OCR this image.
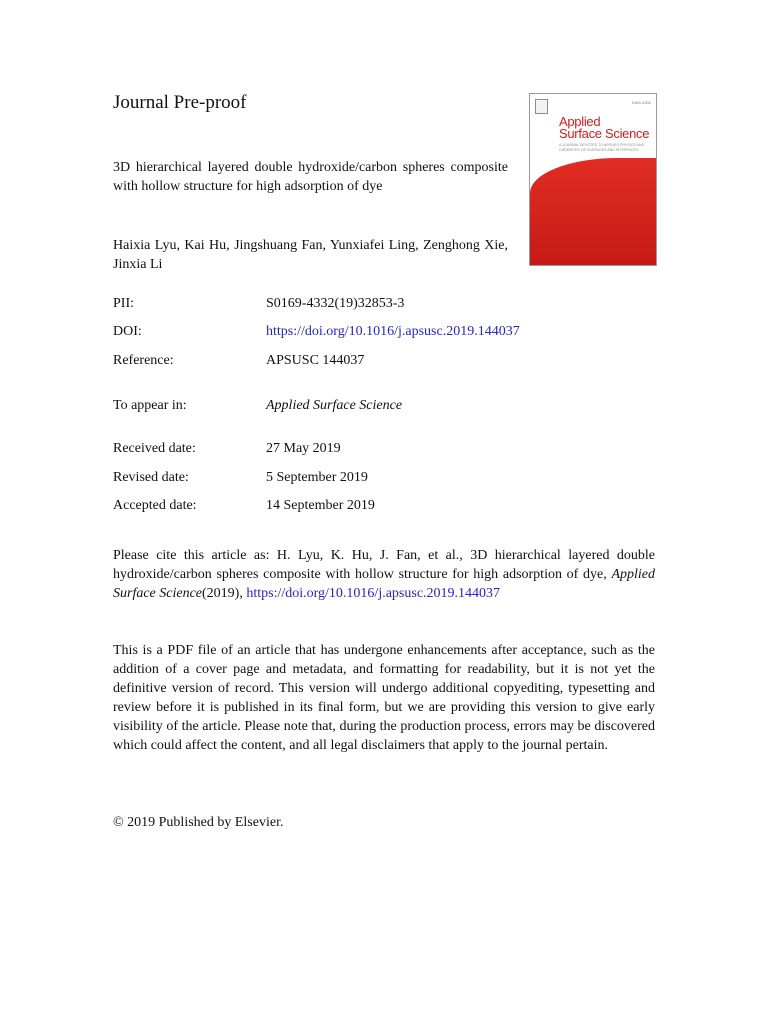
Journal Pre-proof
3D hierarchical layered double hydroxide/carbon spheres composite with hollow structure for high adsorption of dye
Haixia Lyu, Kai Hu, Jingshuang Fan, Yunxiafei Ling, Zenghong Xie, Jinxia Li
0169-4332
Applied
Surface Science
A JOURNAL DEVOTED TO APPLIED PHYSICS AND CHEMISTRY OF SURFACES AND INTERFACES
PII:	S0169-4332(19)32853-3
DOI:	https://doi.org/10.1016/j.apsusc.2019.144037
Reference:	APSUSC 144037
To appear in:	Applied Surface Science
Received date:	27 May 2019
Revised date:	5 September 2019
Accepted date:	14 September 2019
Please cite this article as: H. Lyu, K. Hu, J. Fan, et al., 3D hierarchical layered double hydroxide/carbon spheres composite with hollow structure for high adsorption of dye, Applied Surface Science(2019), https://doi.org/10.1016/j.apsusc.2019.144037
This is a PDF file of an article that has undergone enhancements after acceptance, such as the addition of a cover page and metadata, and formatting for readability, but it is not yet the definitive version of record. This version will undergo additional copyediting, typesetting and review before it is published in its final form, but we are providing this version to give early visibility of the article. Please note that, during the production process, errors may be discovered which could affect the content, and all legal disclaimers that apply to the journal pertain.
© 2019 Published by Elsevier.
